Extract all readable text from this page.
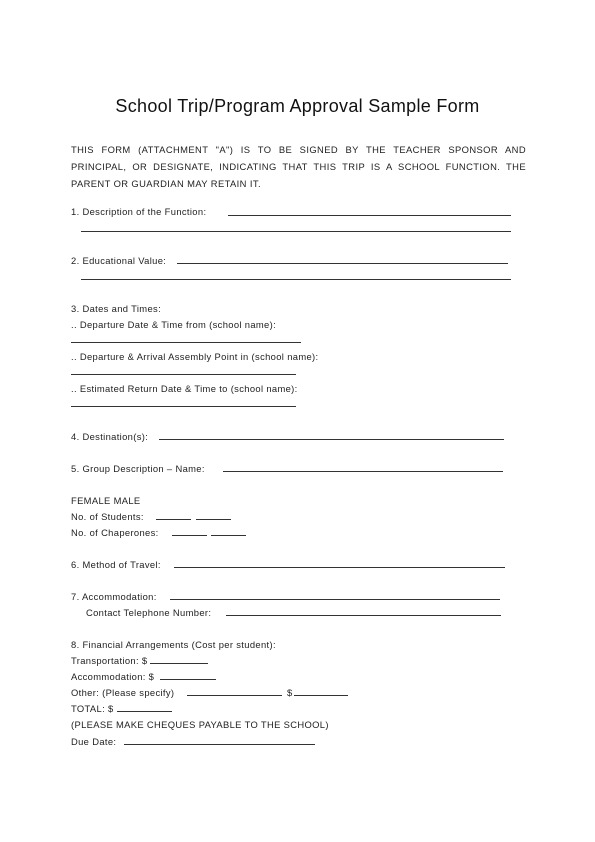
School Trip/Program Approval Sample Form
THIS FORM (ATTACHMENT "A") IS TO BE SIGNED BY THE TEACHER SPONSOR AND PRINCIPAL, OR DESIGNATE, INDICATING THAT THIS TRIP IS A SCHOOL FUNCTION. THE PARENT OR GUARDIAN MAY RETAIN IT.
1. Description of the Function:
2. Educational Value:
3. Dates and Times:
.. Departure Date & Time from (school name):
.. Departure & Arrival Assembly Point in (school name):
.. Estimated Return Date & Time to (school name):
4. Destination(s):
5. Group Description – Name:
FEMALE MALE
No. of Students:
No. of Chaperones:
6. Method of Travel:
7. Accommodation:
Contact Telephone Number:
8. Financial Arrangements (Cost per student):
Transportation: $
Accommodation: $
Other: (Please specify)	$
TOTAL: $
(PLEASE MAKE CHEQUES PAYABLE TO THE SCHOOL)
Due Date:
